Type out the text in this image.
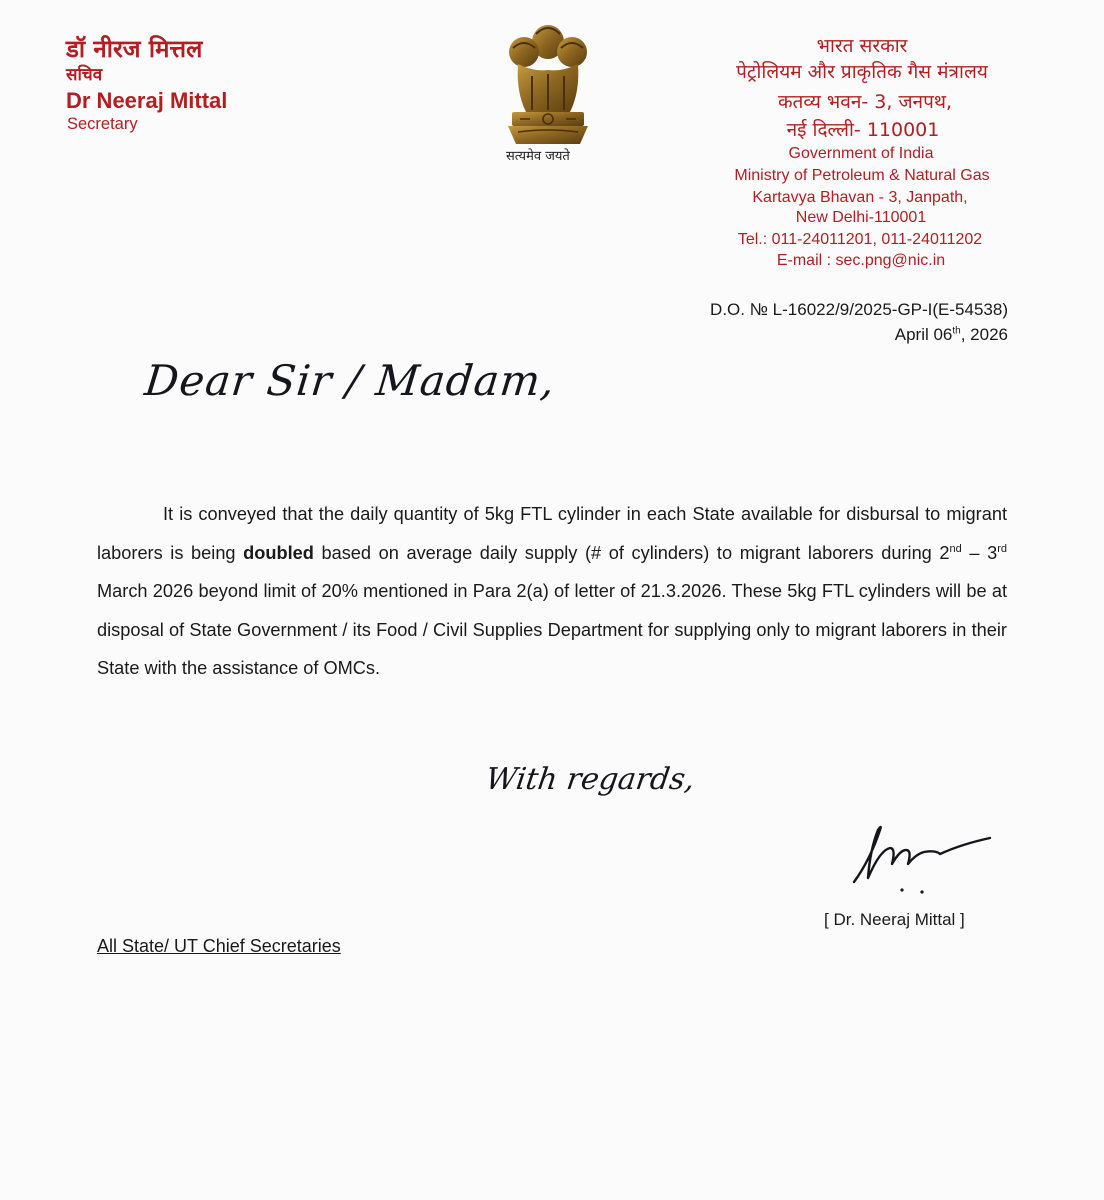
डॉ नीरज मित्तल
सचिव
Dr Neeraj Mittal
Secretary
सत्यमेव जयते
भारत सरकार
पेट्रोलियम और प्राकृतिक गैस मंत्रालय
कतव्य भवन- 3, जनपथ,
नई दिल्ली- 110001
Government of India
Ministry of Petroleum & Natural Gas
Kartavya Bhavan - 3, Janpath,
New Delhi-110001
Tel.: 011-24011201, 011-24011202
E-mail : sec.png@nic.in
D.O. № L-16022/9/2025-GP-I(E-54538)
April 06th, 2026
Dear Sir / Madam,

It is conveyed that the daily quantity of 5kg FTL cylinder in each State available for disbursal to migrant laborers is being doubled based on average daily supply (# of cylinders) to migrant laborers during 2nd – 3rd March 2026 beyond limit of 20% mentioned in Para 2(a) of letter of 21.3.2026. These 5kg FTL cylinders will be at disposal of State Government / its Food / Civil Supplies Department for supplying only to migrant laborers in their State with the assistance of OMCs.

With regards,
[ Dr. Neeraj Mittal ]
All State/ UT Chief Secretaries
